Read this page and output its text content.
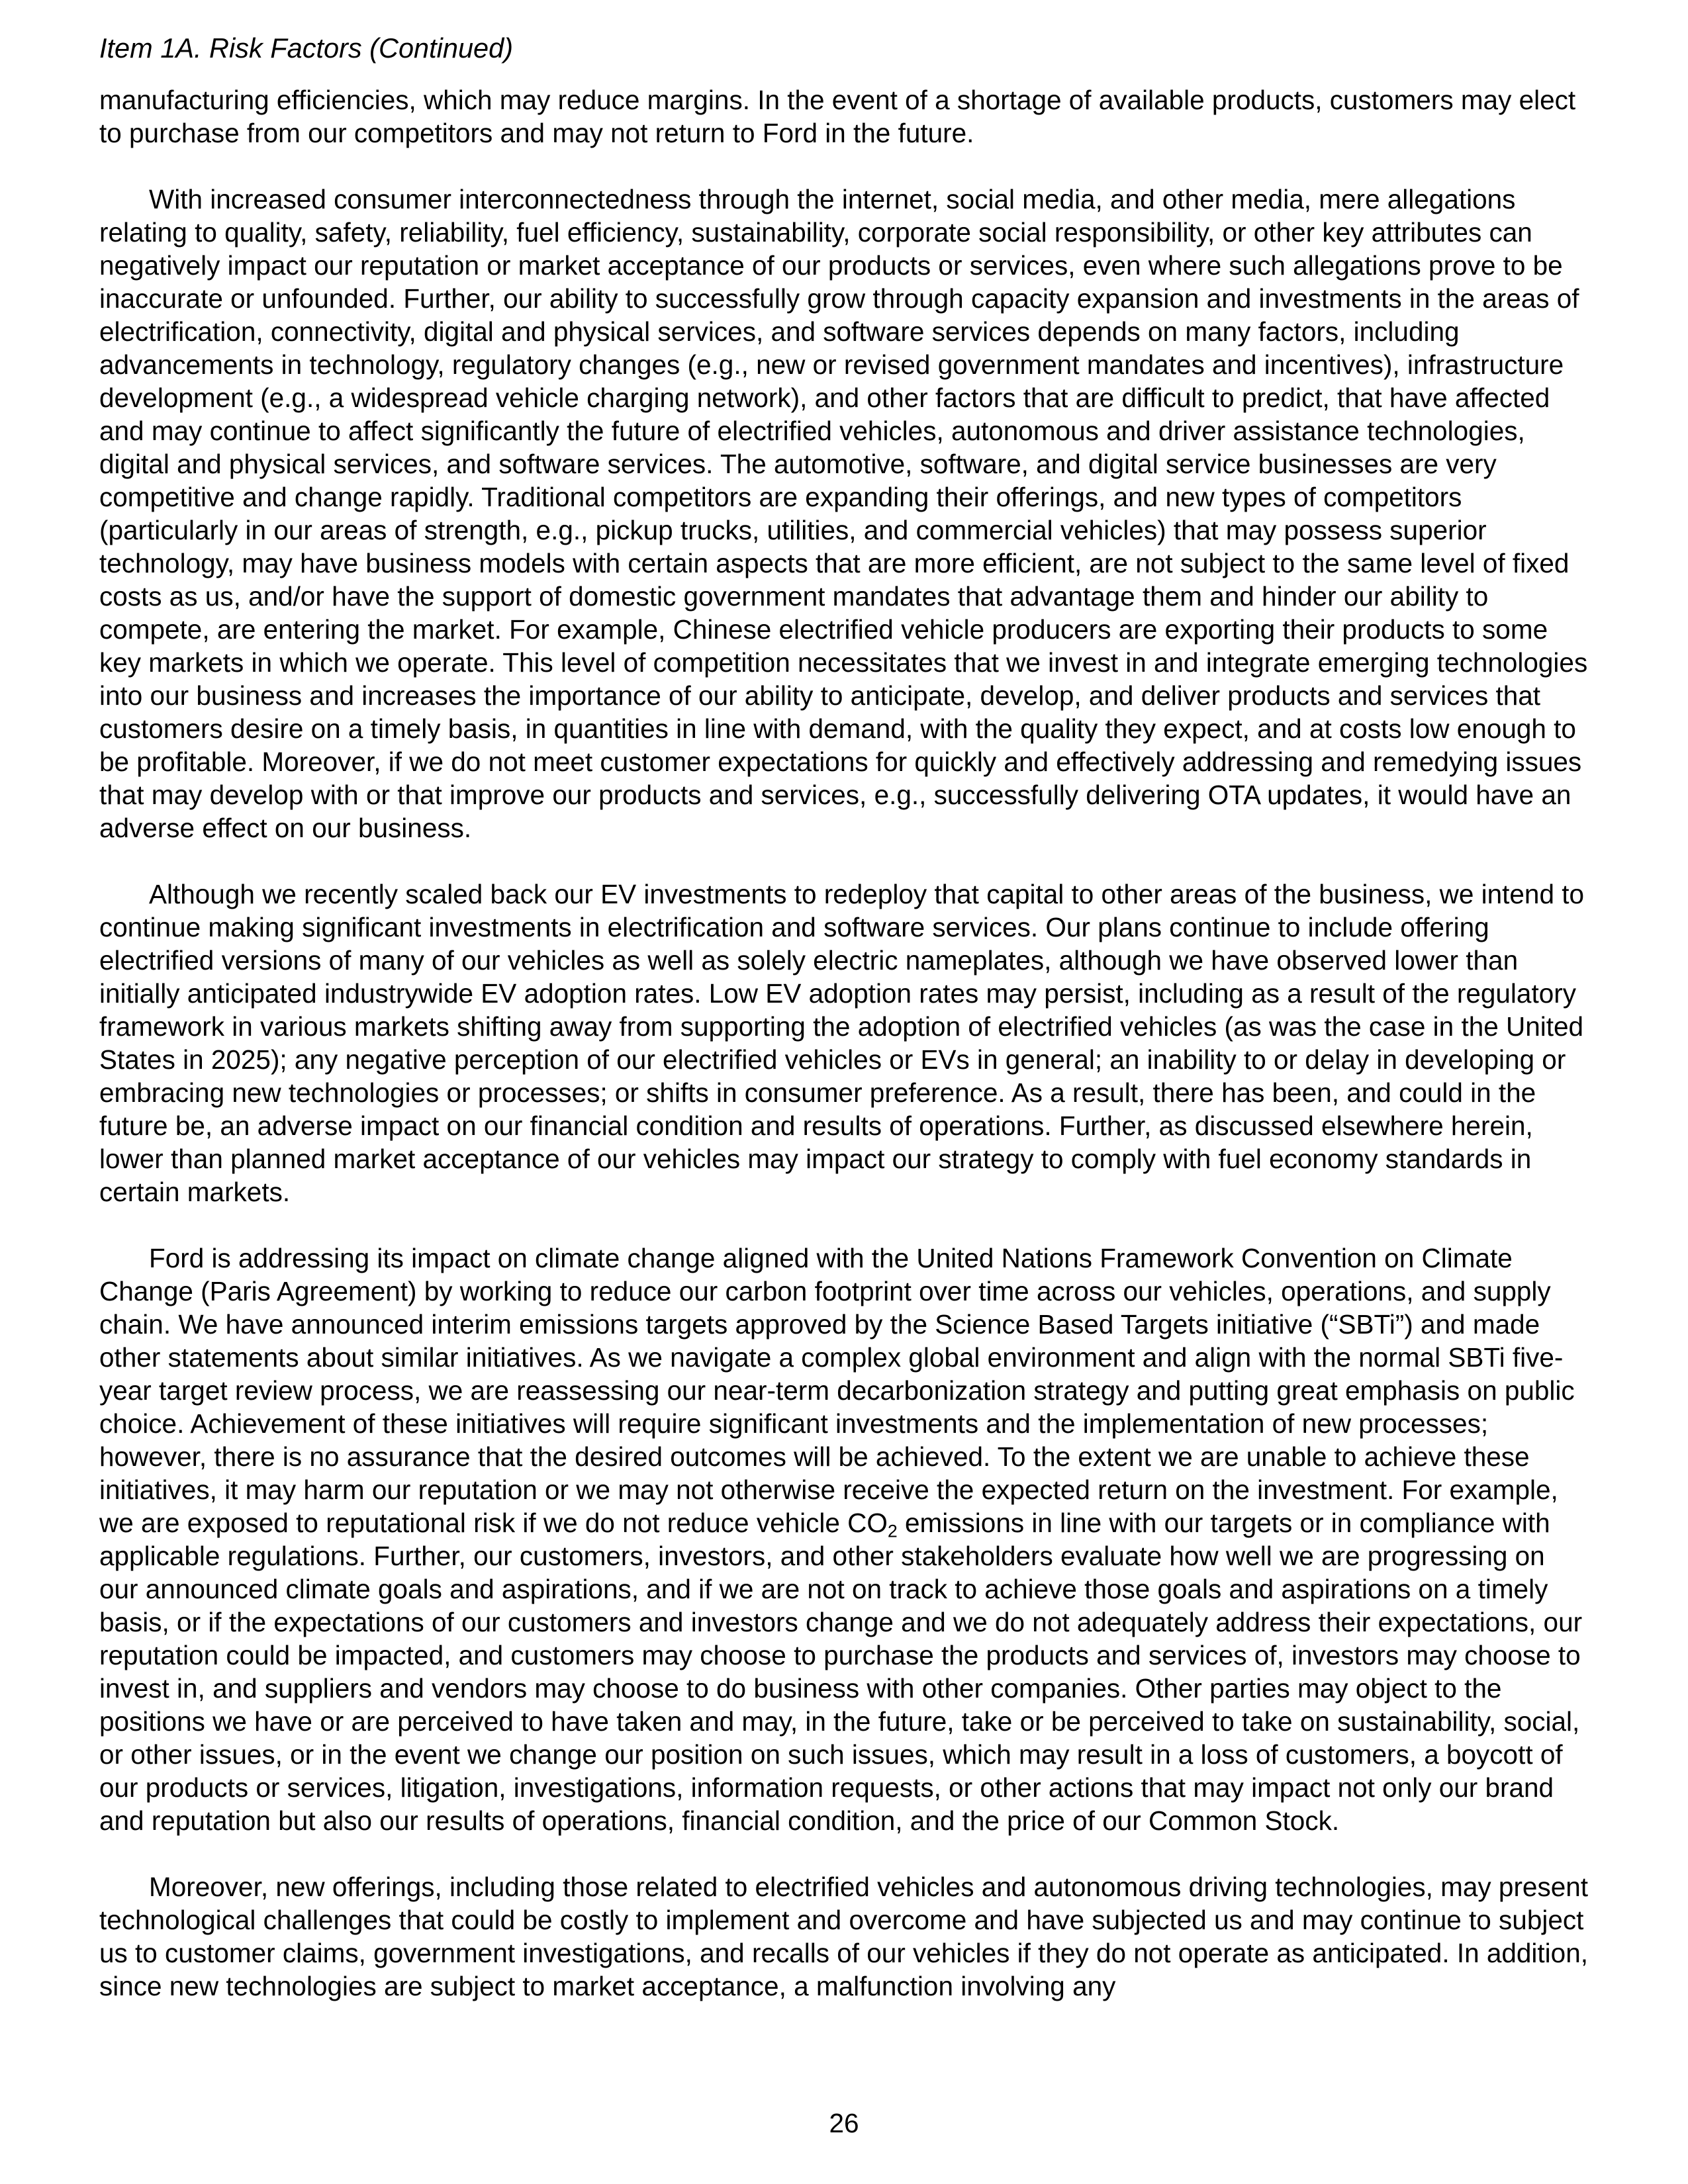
Item 1A. Risk Factors (Continued)

manufacturing efficiencies, which may reduce margins. In the event of a shortage of available products, customers may elect to purchase from our competitors and may not return to Ford in the future.

With increased consumer interconnectedness through the internet, social media, and other media, mere allegations relating to quality, safety, reliability, fuel efficiency, sustainability, corporate social responsibility, or other key attributes can negatively impact our reputation or market acceptance of our products or services, even where such allegations prove to be inaccurate or unfounded. Further, our ability to successfully grow through capacity expansion and investments in the areas of electrification, connectivity, digital and physical services, and software services depends on many factors, including advancements in technology, regulatory changes (e.g., new or revised government mandates and incentives), infrastructure development (e.g., a widespread vehicle charging network), and other factors that are difficult to predict, that have affected and may continue to affect significantly the future of electrified vehicles, autonomous and driver assistance technologies, digital and physical services, and software services. The automotive, software, and digital service businesses are very competitive and change rapidly. Traditional competitors are expanding their offerings, and new types of competitors (particularly in our areas of strength, e.g., pickup trucks, utilities, and commercial vehicles) that may possess superior technology, may have business models with certain aspects that are more efficient, are not subject to the same level of fixed costs as us, and/or have the support of domestic government mandates that advantage them and hinder our ability to compete, are entering the market. For example, Chinese electrified vehicle producers are exporting their products to some key markets in which we operate. This level of competition necessitates that we invest in and integrate emerging technologies into our business and increases the importance of our ability to anticipate, develop, and deliver products and services that customers desire on a timely basis, in quantities in line with demand, with the quality they expect, and at costs low enough to be profitable. Moreover, if we do not meet customer expectations for quickly and effectively addressing and remedying issues that may develop with or that improve our products and services, e.g., successfully delivering OTA updates, it would have an adverse effect on our business.

Although we recently scaled back our EV investments to redeploy that capital to other areas of the business, we intend to continue making significant investments in electrification and software services. Our plans continue to include offering electrified versions of many of our vehicles as well as solely electric nameplates, although we have observed lower than initially anticipated industrywide EV adoption rates. Low EV adoption rates may persist, including as a result of the regulatory framework in various markets shifting away from supporting the adoption of electrified vehicles (as was the case in the United States in 2025); any negative perception of our electrified vehicles or EVs in general; an inability to or delay in developing or embracing new technologies or processes; or shifts in consumer preference. As a result, there has been, and could in the future be, an adverse impact on our financial condition and results of operations. Further, as discussed elsewhere herein, lower than planned market acceptance of our vehicles may impact our strategy to comply with fuel economy standards in certain markets.

Ford is addressing its impact on climate change aligned with the United Nations Framework Convention on Climate Change (Paris Agreement) by working to reduce our carbon footprint over time across our vehicles, operations, and supply chain. We have announced interim emissions targets approved by the Science Based Targets initiative (“SBTi”) and made other statements about similar initiatives. As we navigate a complex global environment and align with the normal SBTi five-year target review process, we are reassessing our near-term decarbonization strategy and putting great emphasis on public choice. Achievement of these initiatives will require significant investments and the implementation of new processes; however, there is no assurance that the desired outcomes will be achieved. To the extent we are unable to achieve these initiatives, it may harm our reputation or we may not otherwise receive the expected return on the investment. For example, we are exposed to reputational risk if we do not reduce vehicle $CO_2$ emissions in line with our targets or in compliance with applicable regulations. Further, our customers, investors, and other stakeholders evaluate how well we are progressing on our announced climate goals and aspirations, and if we are not on track to achieve those goals and aspirations on a timely basis, or if the expectations of our customers and investors change and we do not adequately address their expectations, our reputation could be impacted, and customers may choose to purchase the products and services of, investors may choose to invest in, and suppliers and vendors may choose to do business with other companies. Other parties may object to the positions we have or are perceived to have taken and may, in the future, take or be perceived to take on sustainability, social, or other issues, or in the event we change our position on such issues, which may result in a loss of customers, a boycott of our products or services, litigation, investigations, information requests, or other actions that may impact not only our brand and reputation but also our results of operations, financial condition, and the price of our Common Stock.

Moreover, new offerings, including those related to electrified vehicles and autonomous driving technologies, may present technological challenges that could be costly to implement and overcome and have subjected us and may continue to subject us to customer claims, government investigations, and recalls of our vehicles if they do not operate as anticipated. In addition, since new technologies are subject to market acceptance, a malfunction involving any

26
